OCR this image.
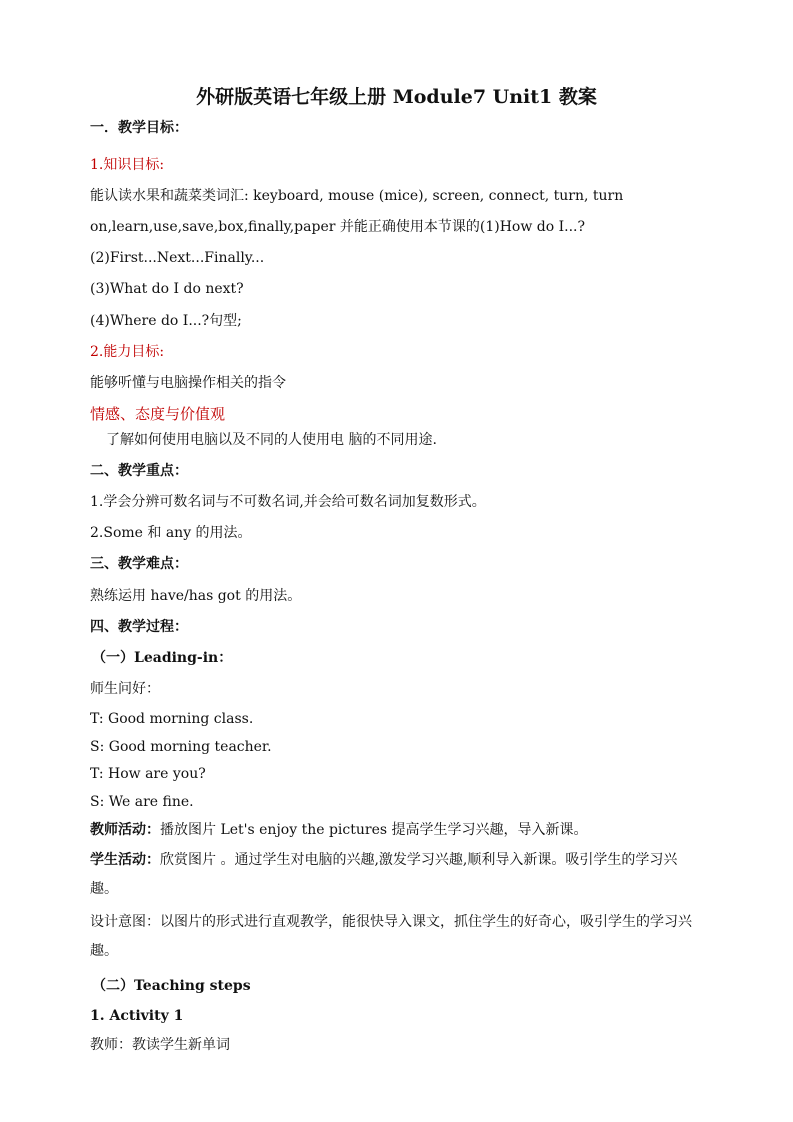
外研版英语七年级上册 Module7 Unit1 教案
一．教学目标：
1.知识目标:
能认读水果和蔬菜类词汇: keyboard, mouse (mice), screen, connect, turn, turn
on,learn,use,save,box,finally,paper 并能正确使用本节课的(1)How do I...?
(2)First...Next...Finally...
(3)What do I do next?
(4)Where do I...?句型;
2.能力目标:
能够听懂与电脑操作相关的指令
情感、态度与价值观
了解如何使用电脑以及不同的人使用电 脑的不同用途.
二、教学重点：
1.学会分辨可数名词与不可数名词,并会给可数名词加复数形式。
2.Some 和 any 的用法。
三、教学难点：
熟练运用 have/has got 的用法。
四、教学过程：
（一）Leading-in：
师生问好：
T: Good morning class.
S: Good morning teacher.
T: How are you?
S: We are fine.
教师活动：播放图片 Let's enjoy the pictures 提高学生学习兴趣，导入新课。
学生活动：欣赏图片 。通过学生对电脑的兴趣,激发学习兴趣,顺利导入新课。吸引学生的学习兴趣。
设计意图：以图片的形式进行直观教学，能很快导入课文，抓住学生的好奇心，吸引学生的学习兴趣。
（二）Teaching steps
1. Activity 1
教师：教读学生新单词
